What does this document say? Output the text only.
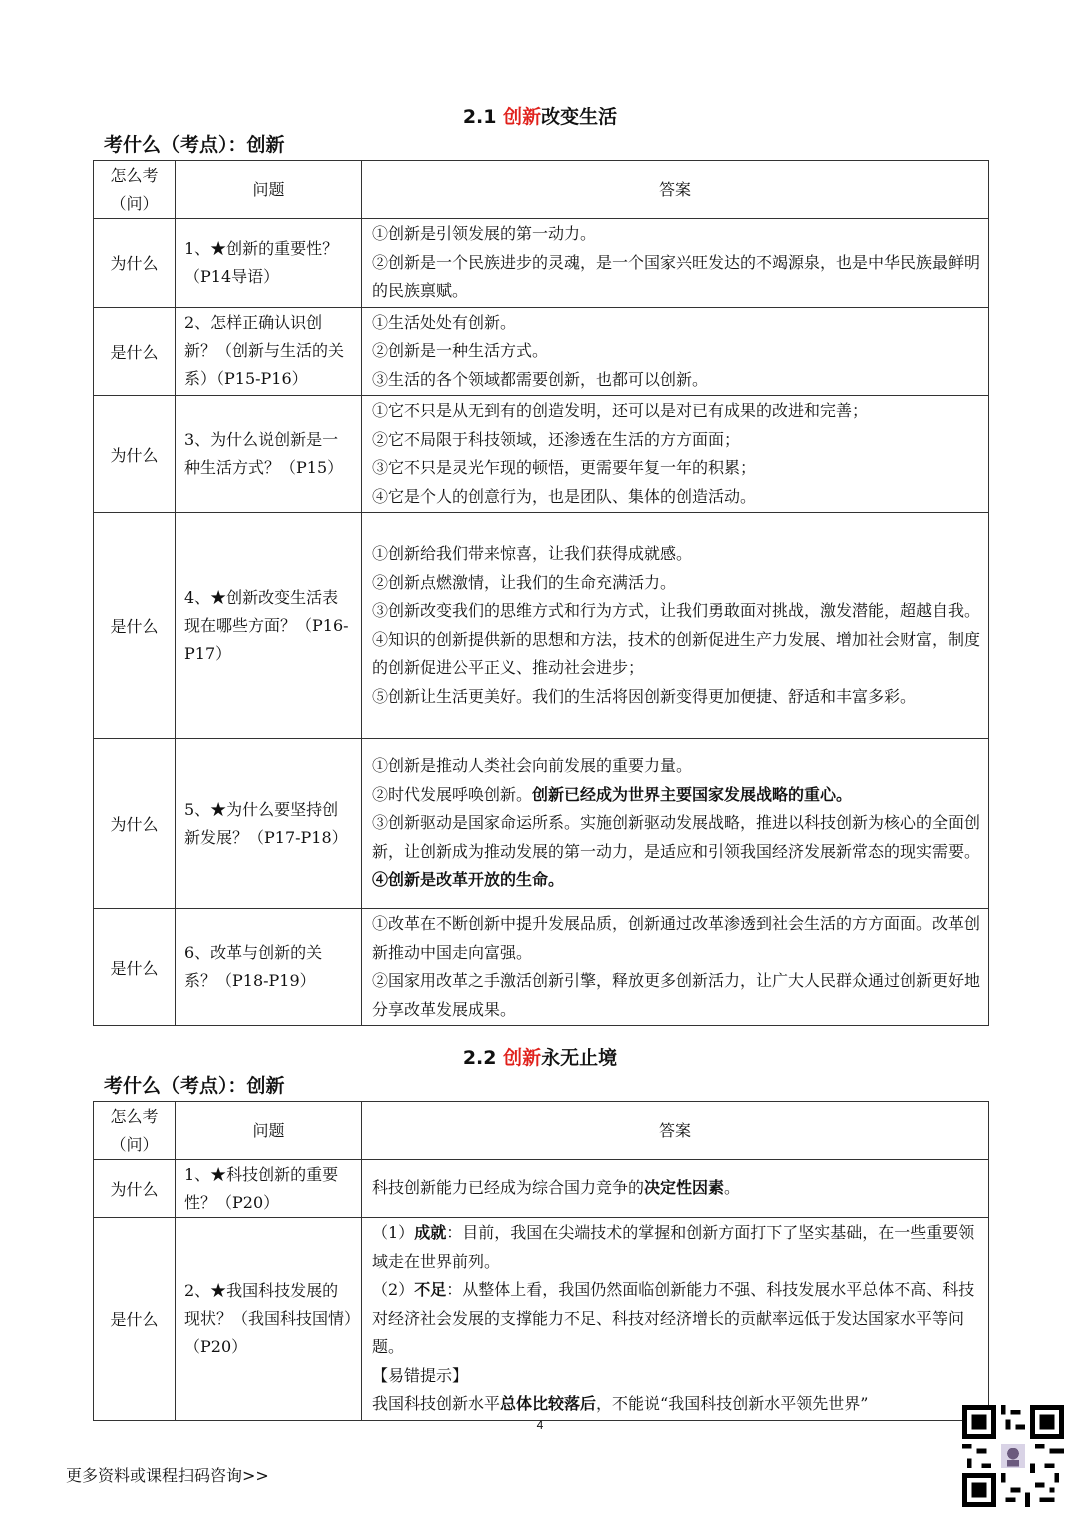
2.1 创新改变生活
考什么（考点）：创新
怎么考（问）	问题	答案
为什么	1、★创新的重要性？（P14导语）	①创新是引领发展的第一动力。
②创新是一个民族进步的灵魂，是一个国家兴旺发达的不竭源泉，也是中华民族最鲜明的民族禀赋。

是什么	2、怎样正确认识创新？（创新与生活的关系）（P15-P16）	①生活处处有创新。
②创新是一种生活方式。
③生活的各个领域都需要创新，也都可以创新。

为什么	3、为什么说创新是一种生活方式？（P15）	①它不只是从无到有的创造发明，还可以是对已有成果的改进和完善；
②它不局限于科技领域，还渗透在生活的方方面面；
③它不只是灵光乍现的顿悟，更需要年复一年的积累；
④它是个人的创意行为，也是团队、集体的创造活动。

是什么	4、★创新改变生活表现在哪些方面？（P16-P17）	①创新给我们带来惊喜，让我们获得成就感。
②创新点燃激情，让我们的生命充满活力。
③创新改变我们的思维方式和行为方式，让我们勇敢面对挑战，激发潜能，超越自我。
④知识的创新提供新的思想和方法，技术的创新促进生产力发展、增加社会财富，制度的创新促进公平正义、推动社会进步；
⑤创新让生活更美好。我们的生活将因创新变得更加便捷、舒适和丰富多彩。

为什么	5、★为什么要坚持创新发展？（P17-P18）	①创新是推动人类社会向前发展的重要力量。
②时代发展呼唤创新。创新已经成为世界主要国家发展战略的重心。
③创新驱动是国家命运所系。实施创新驱动发展战略，推进以科技创新为核心的全面创新，让创新成为推动发展的第一动力，是适应和引领我国经济发展新常态的现实需要。
④创新是改革开放的生命。

是什么	6、改革与创新的关系？（P18-P19）	①改革在不断创新中提升发展品质，创新通过改革渗透到社会生活的方方面面。改革创新推动中国走向富强。
②国家用改革之手激活创新引擎，释放更多创新活力，让广大人民群众通过创新更好地分享改革发展成果。
2.2 创新永无止境
考什么（考点）：创新
怎么考（问）	问题	答案
为什么	1、★科技创新的重要性？（P20）	科技创新能力已经成为综合国力竞争的决定性因素。
是什么	2、★我国科技发展的现状？（我国科技国情）（P20）	（1）成就：目前，我国在尖端技术的掌握和创新方面打下了坚实基础，在一些重要领域走在世界前列。
（2）不足：从整体上看，我国仍然面临创新能力不强、科技发展水平总体不高、科技对经济社会发展的支撑能力不足、科技对经济增长的贡献率远低于发达国家水平等问题。
【易错提示】
我国科技创新水平总体比较落后，不能说“我国科技创新水平领先世界”
4
更多资料或课程扫码咨询>>
